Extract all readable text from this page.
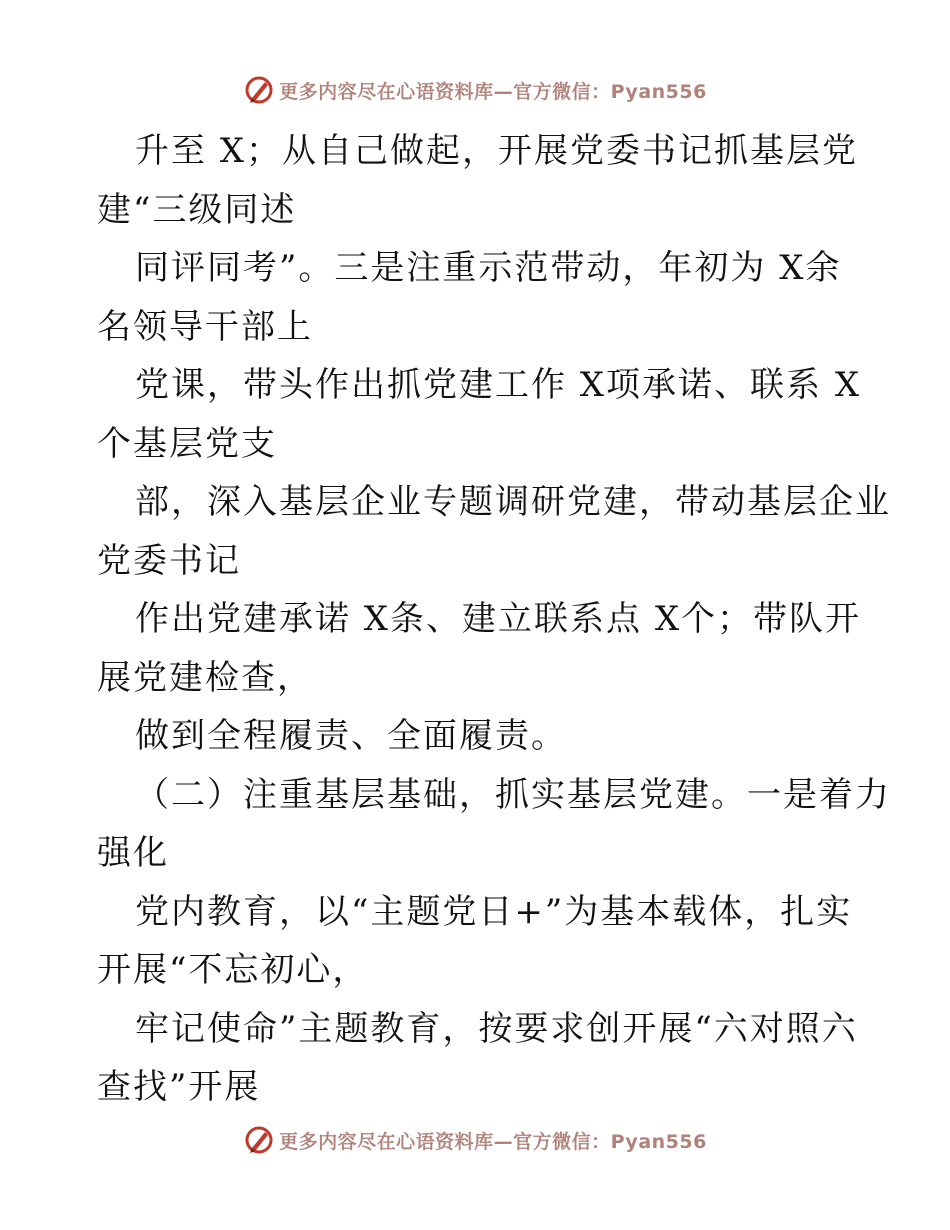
更多内容尽在心语资料库—官方微信：Pyan556

升至 X；从自己做起，开展党委书记抓基层党

建“三级同述

同评同考”。三是注重示范带动，年初为 X余

名领导干部上

党课，带头作出抓党建工作 X项承诺、联系 X

个基层党支

部，深入基层企业专题调研党建，带动基层企业

党委书记

作出党建承诺 X条、建立联系点 X个；带队开

展党建检查，

做到全程履责、全面履责。

（二）注重基层基础，抓实基层党建。一是着力

强化

党内教育，以“主题党日+”为基本载体，扎实

开展“不忘初心，

牢记使命”主题教育，按要求创开展“六对照六

查找”开展

更多内容尽在心语资料库—官方微信：Pyan556
